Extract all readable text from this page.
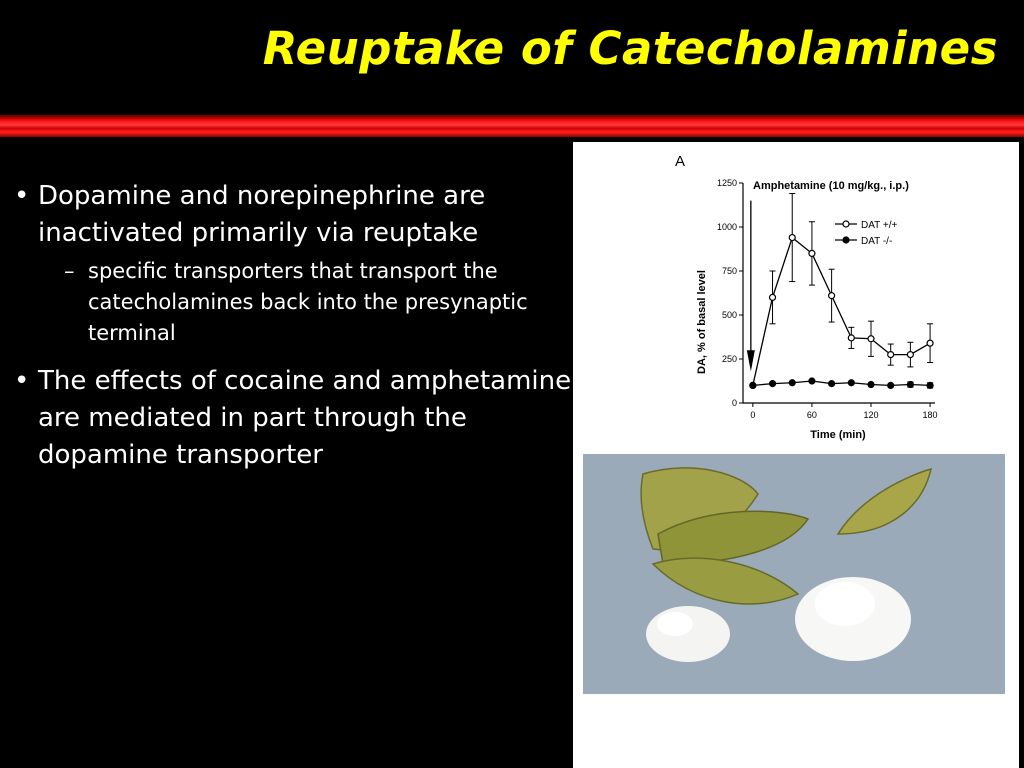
Reuptake of Catecholamines
• Dopamine and norepinephrine are inactivated primarily via reuptake
– specific transporters that transport the catecholamines back into the presynaptic terminal
• The effects of cocaine and amphetamine are mediated in part through the dopamine transporter
A
Amphetamine (10 mg/kg., i.p.)
Time (min)
DA, % of basal level
0
250
500
750
1000
1250
0	60	120	180
DAT +/+
DAT -/-
